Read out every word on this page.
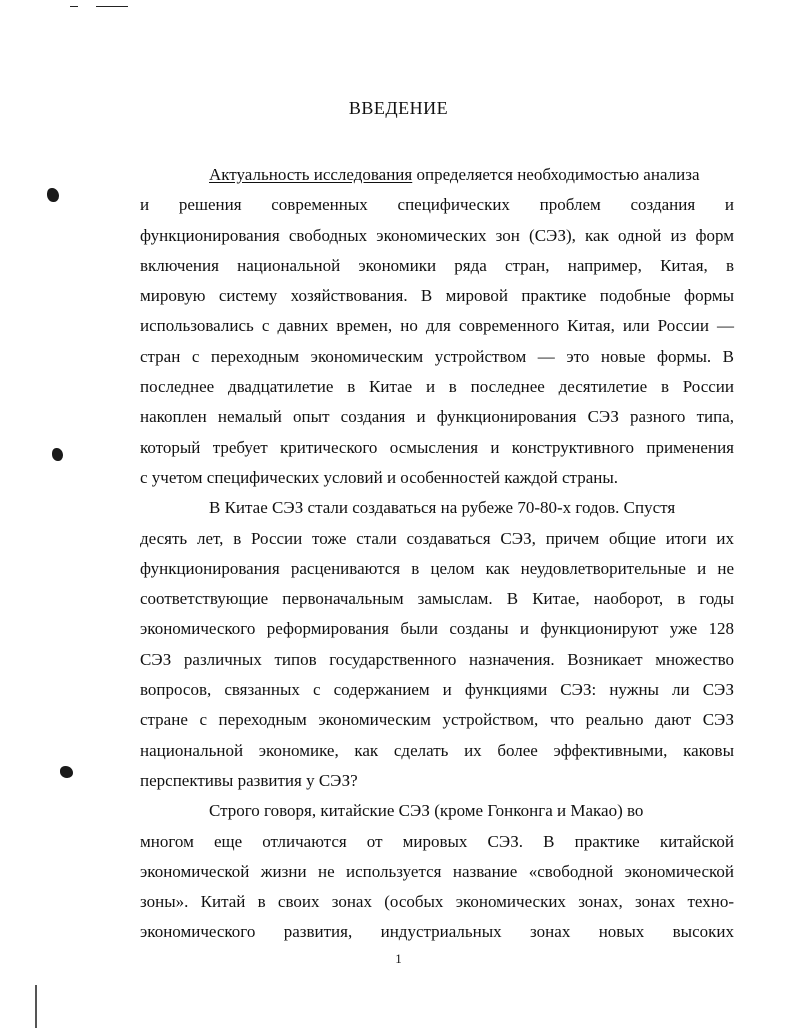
ВВЕДЕНИЕ
Актуальность исследования определяется необходимостью анализа
и решения современных специфических проблем создания и
функционирования свободных экономических зон (СЭЗ), как одной из форм
включения национальной экономики ряда стран, например, Китая, в
мировую систему хозяйствования. В мировой практике подобные формы
использовались с давних времен, но для современного Китая, или России —
стран с переходным экономическим устройством — это новые формы. В
последнее двадцатилетие в Китае и в последнее десятилетие в России
накоплен немалый опыт создания и функционирования СЭЗ разного типа,
который требует критического осмысления и конструктивного применения
с учетом специфических условий и особенностей каждой страны.
В Китае СЭЗ стали создаваться на рубеже 70-80-х годов. Спустя
десять лет, в России тоже стали создаваться СЭЗ, причем общие итоги их
функционирования расцениваются в целом как неудовлетворительные и не
соответствующие первоначальным замыслам. В Китае, наоборот, в годы
экономического реформирования были созданы и функционируют уже 128
СЭЗ различных типов государственного назначения. Возникает множество
вопросов, связанных с содержанием и функциями СЭЗ: нужны ли СЭЗ
стране с переходным экономическим устройством, что реально дают СЭЗ
национальной экономике, как сделать их более эффективными, каковы
перспективы развития у СЭЗ?
Строго говоря, китайские СЭЗ (кроме Гонконга и Макао) во
многом еще отличаются от мировых СЭЗ. В практике китайской
экономической жизни не используется название «свободной экономической
зоны». Китай в своих зонах (особых экономических зонах, зонах техно-
экономического развития, индустриальных зонах новых высоких
1
